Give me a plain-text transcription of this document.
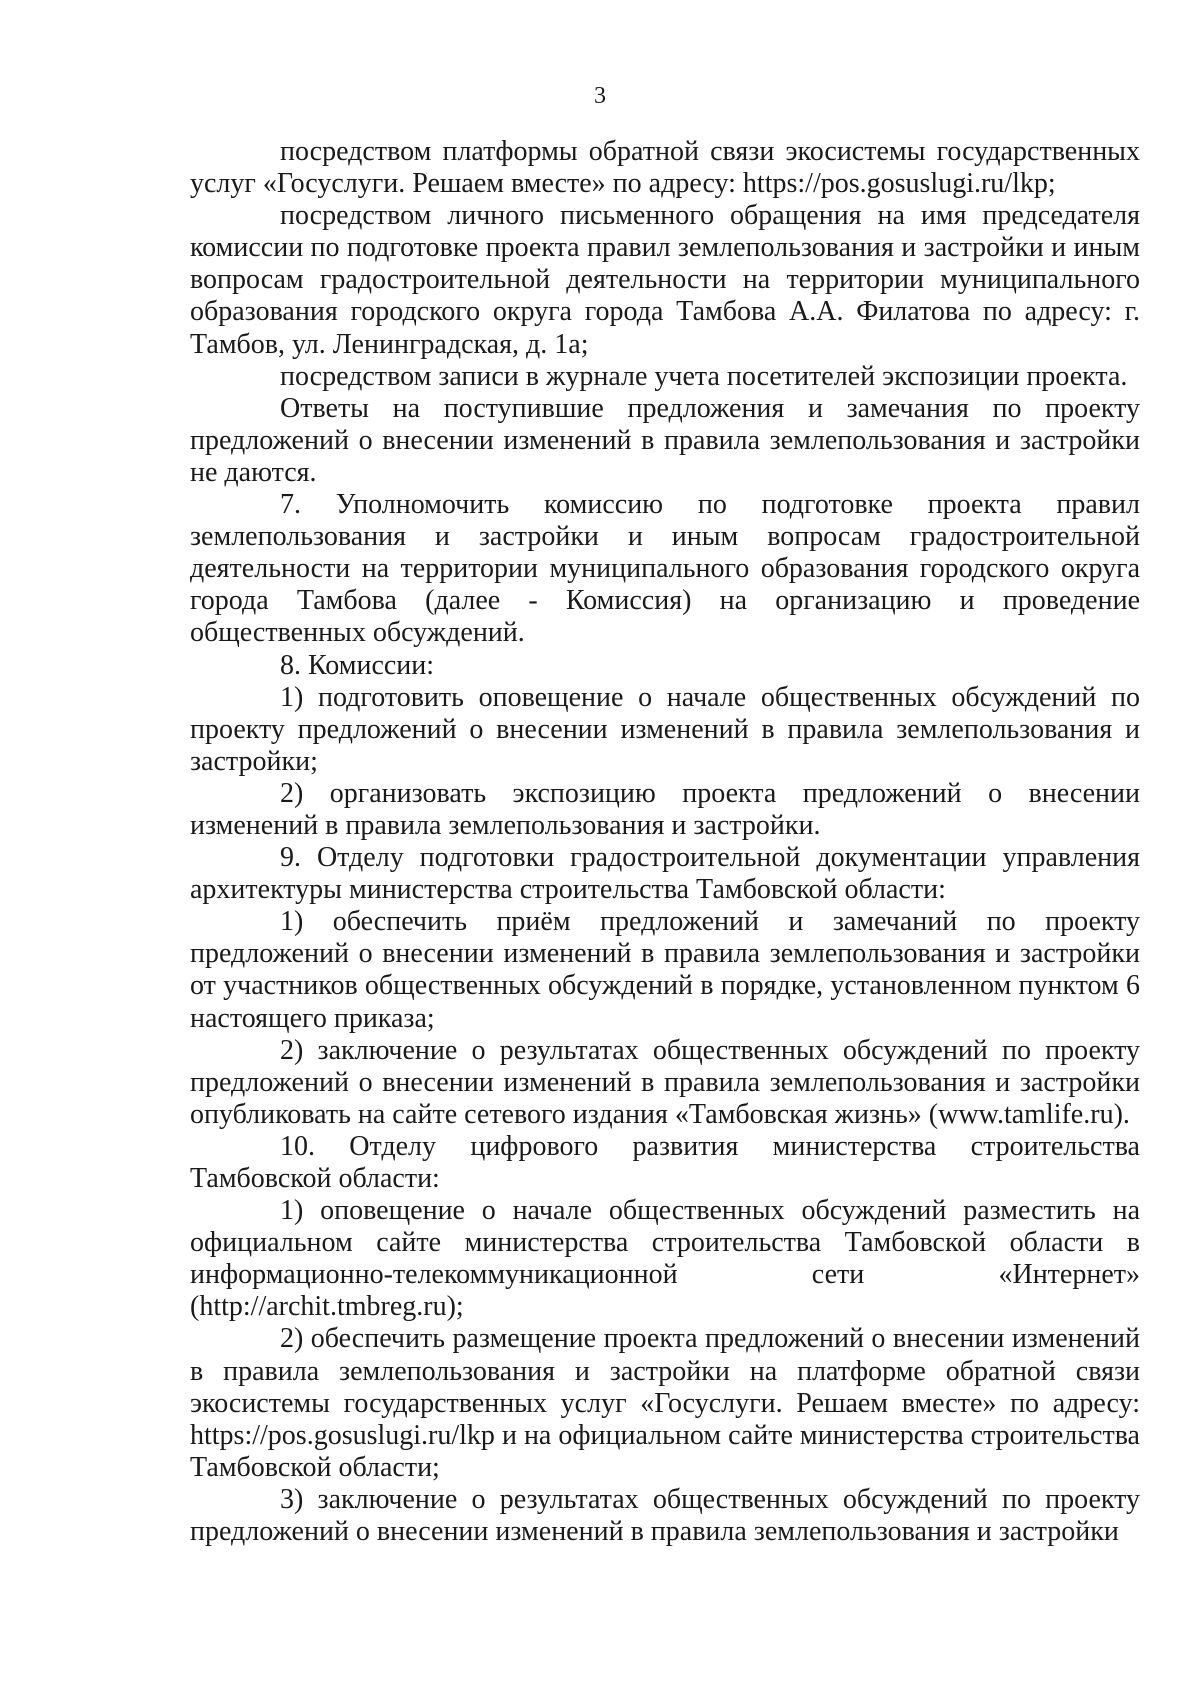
3

посредством платформы обратной связи экосистемы государственных услуг «Госуслуги. Решаем вместе» по адресу: https://pos.gosuslugi.ru/lkp;

посредством личного письменного обращения на имя председателя комиссии по подготовке проекта правил землепользования и застройки и иным вопросам градостроительной деятельности на территории муниципального образования городского округа города Тамбова А.А. Филатова по адресу: г. Тамбов, ул. Ленинградская, д. 1а;

посредством записи в журнале учета посетителей экспозиции проекта.

Ответы на поступившие предложения и замечания по проекту предложений о внесении изменений в правила землепользования и застройки не даются.

7. Уполномочить комиссию по подготовке проекта правил землепользования и застройки и иным вопросам градостроительной деятельности на территории муниципального образования городского округа города Тамбова (далее - Комиссия) на организацию и проведение общественных обсуждений.

8. Комиссии:

1) подготовить оповещение о начале общественных обсуждений по проекту предложений о внесении изменений в правила землепользования и застройки;

2) организовать экспозицию проекта предложений о внесении изменений в правила землепользования и застройки.

9. Отделу подготовки градостроительной документации управления архитектуры министерства строительства Тамбовской области:

1) обеспечить приём предложений и замечаний по проекту предложений о внесении изменений в правила землепользования и застройки от участников общественных обсуждений в порядке, установленном пунктом 6 настоящего приказа;

2) заключение о результатах общественных обсуждений по проекту предложений о внесении изменений в правила землепользования и застройки опубликовать на сайте сетевого издания «Тамбовская жизнь» (www.tamlife.ru).

10. Отделу цифрового развития министерства строительства Тамбовской области:

1) оповещение о начале общественных обсуждений разместить на официальном сайте министерства строительства Тамбовской области в информационно-телекоммуникационной сети «Интернет» (http://archit.tmbreg.ru);

2) обеспечить размещение проекта предложений о внесении изменений в правила землепользования и застройки на платформе обратной связи экосистемы государственных услуг «Госуслуги. Решаем вместе» по адресу: https://pos.gosuslugi.ru/lkp и на официальном сайте министерства строительства Тамбовской области;

3) заключение о результатах общественных обсуждений по проекту предложений о внесении изменений в правила землепользования и застройки
